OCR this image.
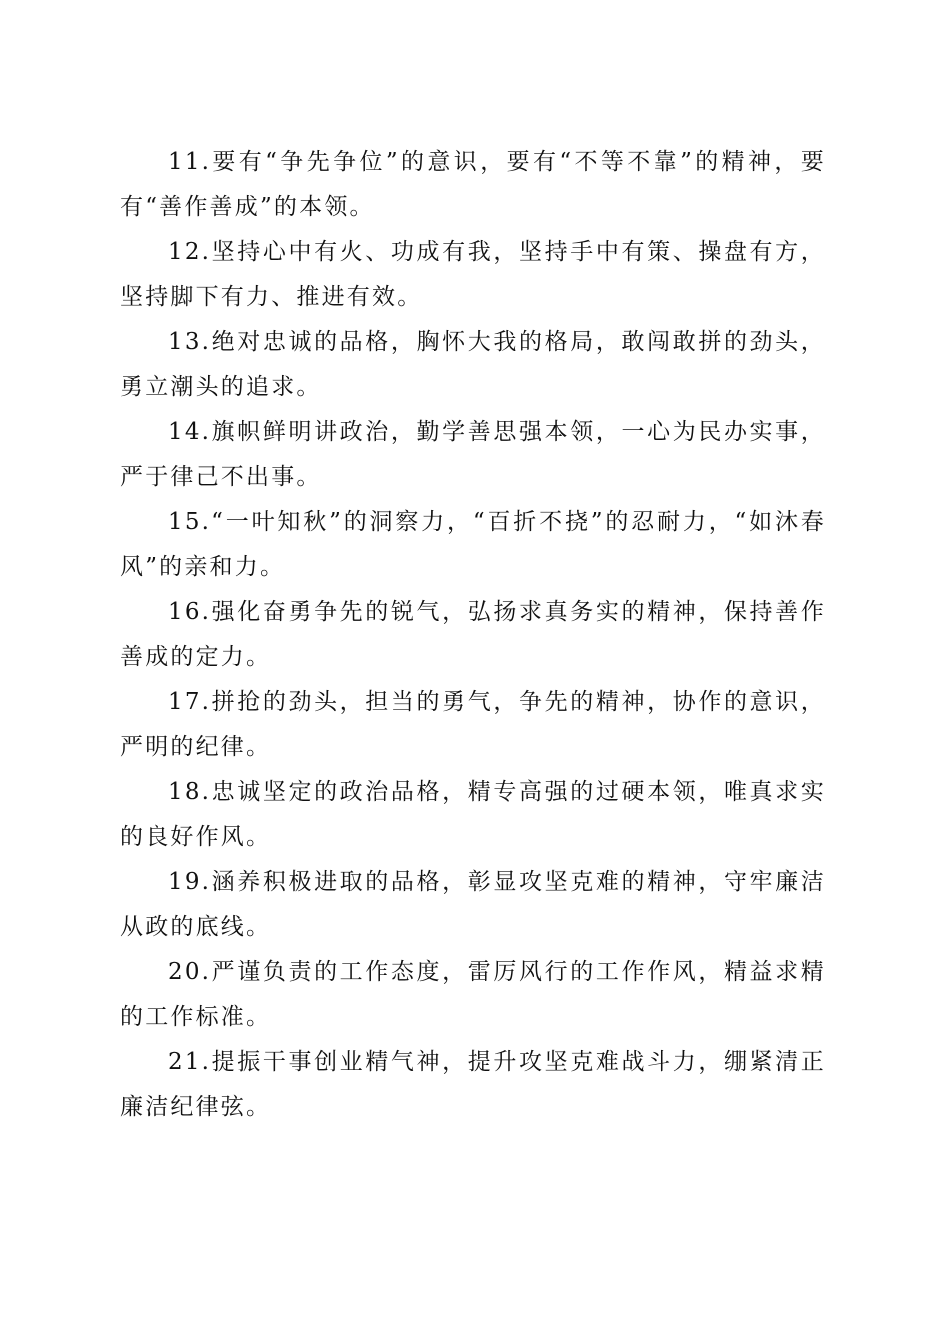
11.要有“争先争位”的意识，要有“不等不靠”的精神，要有“善作善成”的本领。

12.坚持心中有火、功成有我，坚持手中有策、操盘有方，坚持脚下有力、推进有效。

13.绝对忠诚的品格，胸怀大我的格局，敢闯敢拼的劲头，勇立潮头的追求。

14.旗帜鲜明讲政治，勤学善思强本领，一心为民办实事，严于律己不出事。

15.“一叶知秋”的洞察力，“百折不挠”的忍耐力，“如沐春风”的亲和力。

16.强化奋勇争先的锐气，弘扬求真务实的精神，保持善作善成的定力。

17.拼抢的劲头，担当的勇气，争先的精神，协作的意识，严明的纪律。

18.忠诚坚定的政治品格，精专高强的过硬本领，唯真求实的良好作风。

19.涵养积极进取的品格，彰显攻坚克难的精神，守牢廉洁从政的底线。

20.严谨负责的工作态度，雷厉风行的工作作风，精益求精的工作标准。

21.提振干事创业精气神，提升攻坚克难战斗力，绷紧清正廉洁纪律弦。
